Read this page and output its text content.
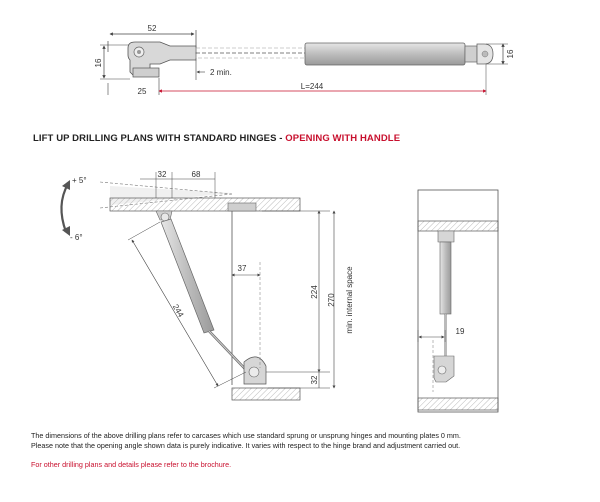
52
16
16
25
2 min.
L=244
+ 5°
- 6°
32	68
244
37
224
32
270 min. internal space	19
LIFT UP DRILLING PLANS WITH STANDARD HINGES - OPENING WITH HANDLE

The dimensions of the above drilling plans refer to carcases which use standard sprung or unsprung hinges and mounting plates 0 mm.

Please note that the opening angle shown data is purely indicative. It varies with respect to the hinge brand and adjustment carried out.

For other drilling plans and details please refer to the brochure.
